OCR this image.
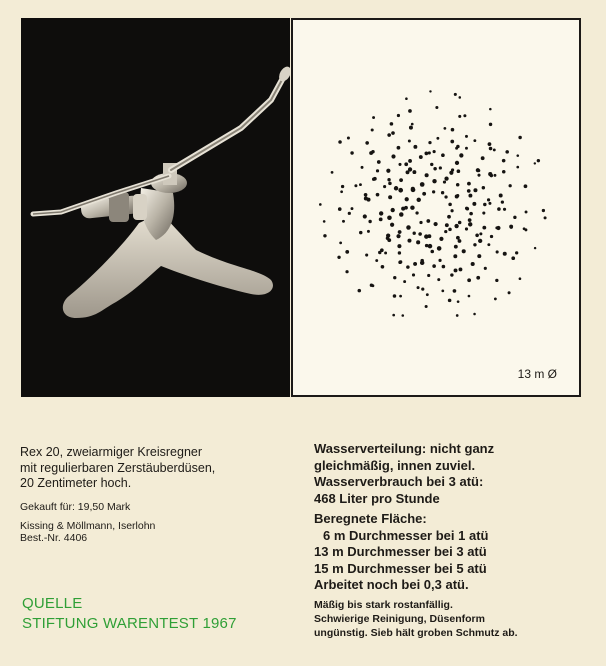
13 m Ø

Rex 20, zweiarmiger Kreisregner
mit regulierbaren Zerstäuberdüsen,
20 Zentimeter hoch.

Gekauft für: 19,50 Mark
Kissing & Möllmann, Iserlohn
Best.-Nr. 4406
QUELLE
STIFTUNG WARENTEST 1967
Wasserverteilung: nicht ganz
gleichmäßig, innen zuviel.
Wasserverbrauch bei 3 atü:
468 Liter pro Stunde
Beregnete Fläche:
6 m Durchmesser bei 1 atü
13 m Durchmesser bei 3 atü
15 m Durchmesser bei 5 atü
Arbeitet noch bei 0,3 atü.
Mäßig bis stark rostanfällig.
Schwierige Reinigung, Düsenform
ungünstig. Sieb hält groben Schmutz ab.
